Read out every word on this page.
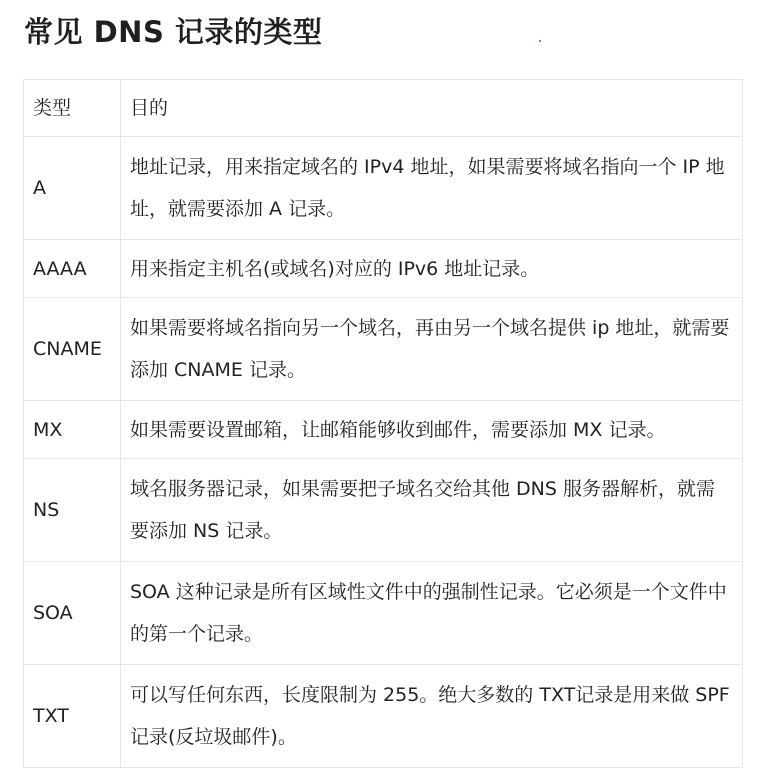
常见 DNS 记录的类型
类型	目的
A	地址记录，用来指定域名的 IPv4 地址，如果需要将域名指向一个 IP 地址，就需要添加 A 记录。

AAAA	用来指定主机名(或域名)对应的 IPv6 地址记录。

CNAME	如果需要将域名指向另一个域名，再由另一个域名提供 ip 地址，就需要添加 CNAME 记录。

MX	如果需要设置邮箱，让邮箱能够收到邮件，需要添加 MX 记录。

NS	域名服务器记录，如果需要把子域名交给其他 DNS 服务器解析，就需要添加 NS 记录。

SOA	SOA 这种记录是所有区域性文件中的强制性记录。它必须是一个文件中的第一个记录。

TXT	可以写任何东西，长度限制为 255。绝大多数的 TXT记录是用来做 SPF 记录(反垃圾邮件)。
